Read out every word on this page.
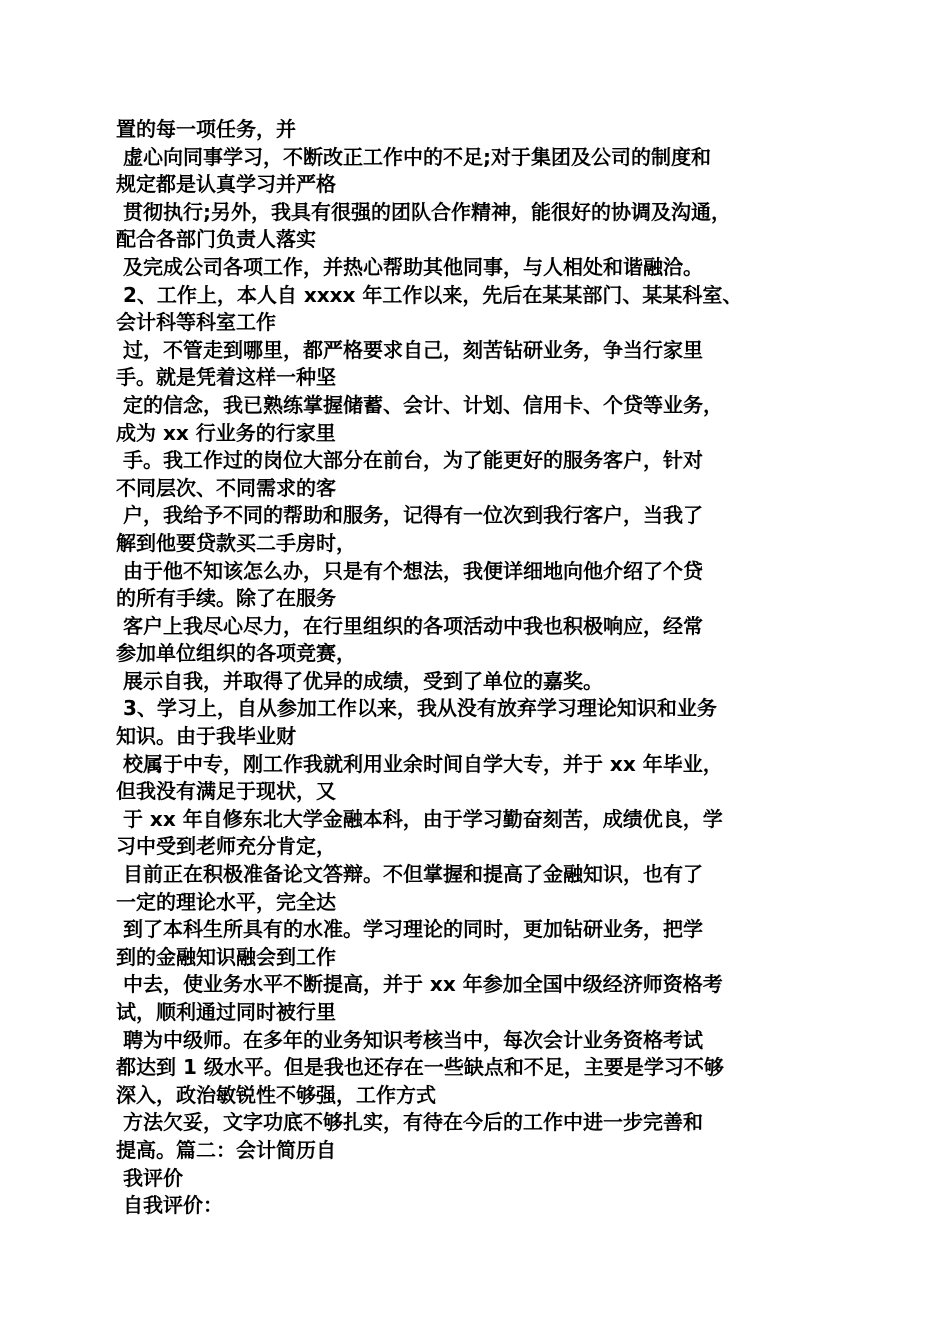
置的每一项任务，并

虚心向同事学习，不断改正工作中的不足;对于集团及公司的制度和

规定都是认真学习并严格

贯彻执行;另外，我具有很强的团队合作精神，能很好的协调及沟通，

配合各部门负责人落实

及完成公司各项工作，并热心帮助其他同事，与人相处和谐融洽。

2、工作上，本人自 xxxx 年工作以来，先后在某某部门、某某科室、

会计科等科室工作

过，不管走到哪里，都严格要求自己，刻苦钻研业务，争当行家里

手。就是凭着这样一种坚

定的信念，我已熟练掌握储蓄、会计、计划、信用卡、个贷等业务，

成为 xx 行业务的行家里

手。我工作过的岗位大部分在前台，为了能更好的服务客户，针对

不同层次、不同需求的客

户，我给予不同的帮助和服务，记得有一位次到我行客户，当我了

解到他要贷款买二手房时，

由于他不知该怎么办，只是有个想法，我便详细地向他介绍了个贷

的所有手续。除了在服务

客户上我尽心尽力，在行里组织的各项活动中我也积极响应，经常

参加单位组织的各项竞赛，

展示自我，并取得了优异的成绩，受到了单位的嘉奖。

3、学习上，自从参加工作以来，我从没有放弃学习理论知识和业务

知识。由于我毕业财

校属于中专，刚工作我就利用业余时间自学大专，并于 xx 年毕业，

但我没有满足于现状，又

于 xx 年自修东北大学金融本科，由于学习勤奋刻苦，成绩优良，学

习中受到老师充分肯定，

目前正在积极准备论文答辩。不但掌握和提高了金融知识，也有了

一定的理论水平，完全达

到了本科生所具有的水准。学习理论的同时，更加钻研业务，把学

到的金融知识融会到工作

中去，使业务水平不断提高，并于 xx 年参加全国中级经济师资格考

试，顺利通过同时被行里

聘为中级师。在多年的业务知识考核当中，每次会计业务资格考试

都达到 1 级水平。但是我也还存在一些缺点和不足，主要是学习不够

深入，政治敏锐性不够强，工作方式

方法欠妥，文字功底不够扎实，有待在今后的工作中进一步完善和

提高。篇二：会计简历自

我评价

自我评价：
